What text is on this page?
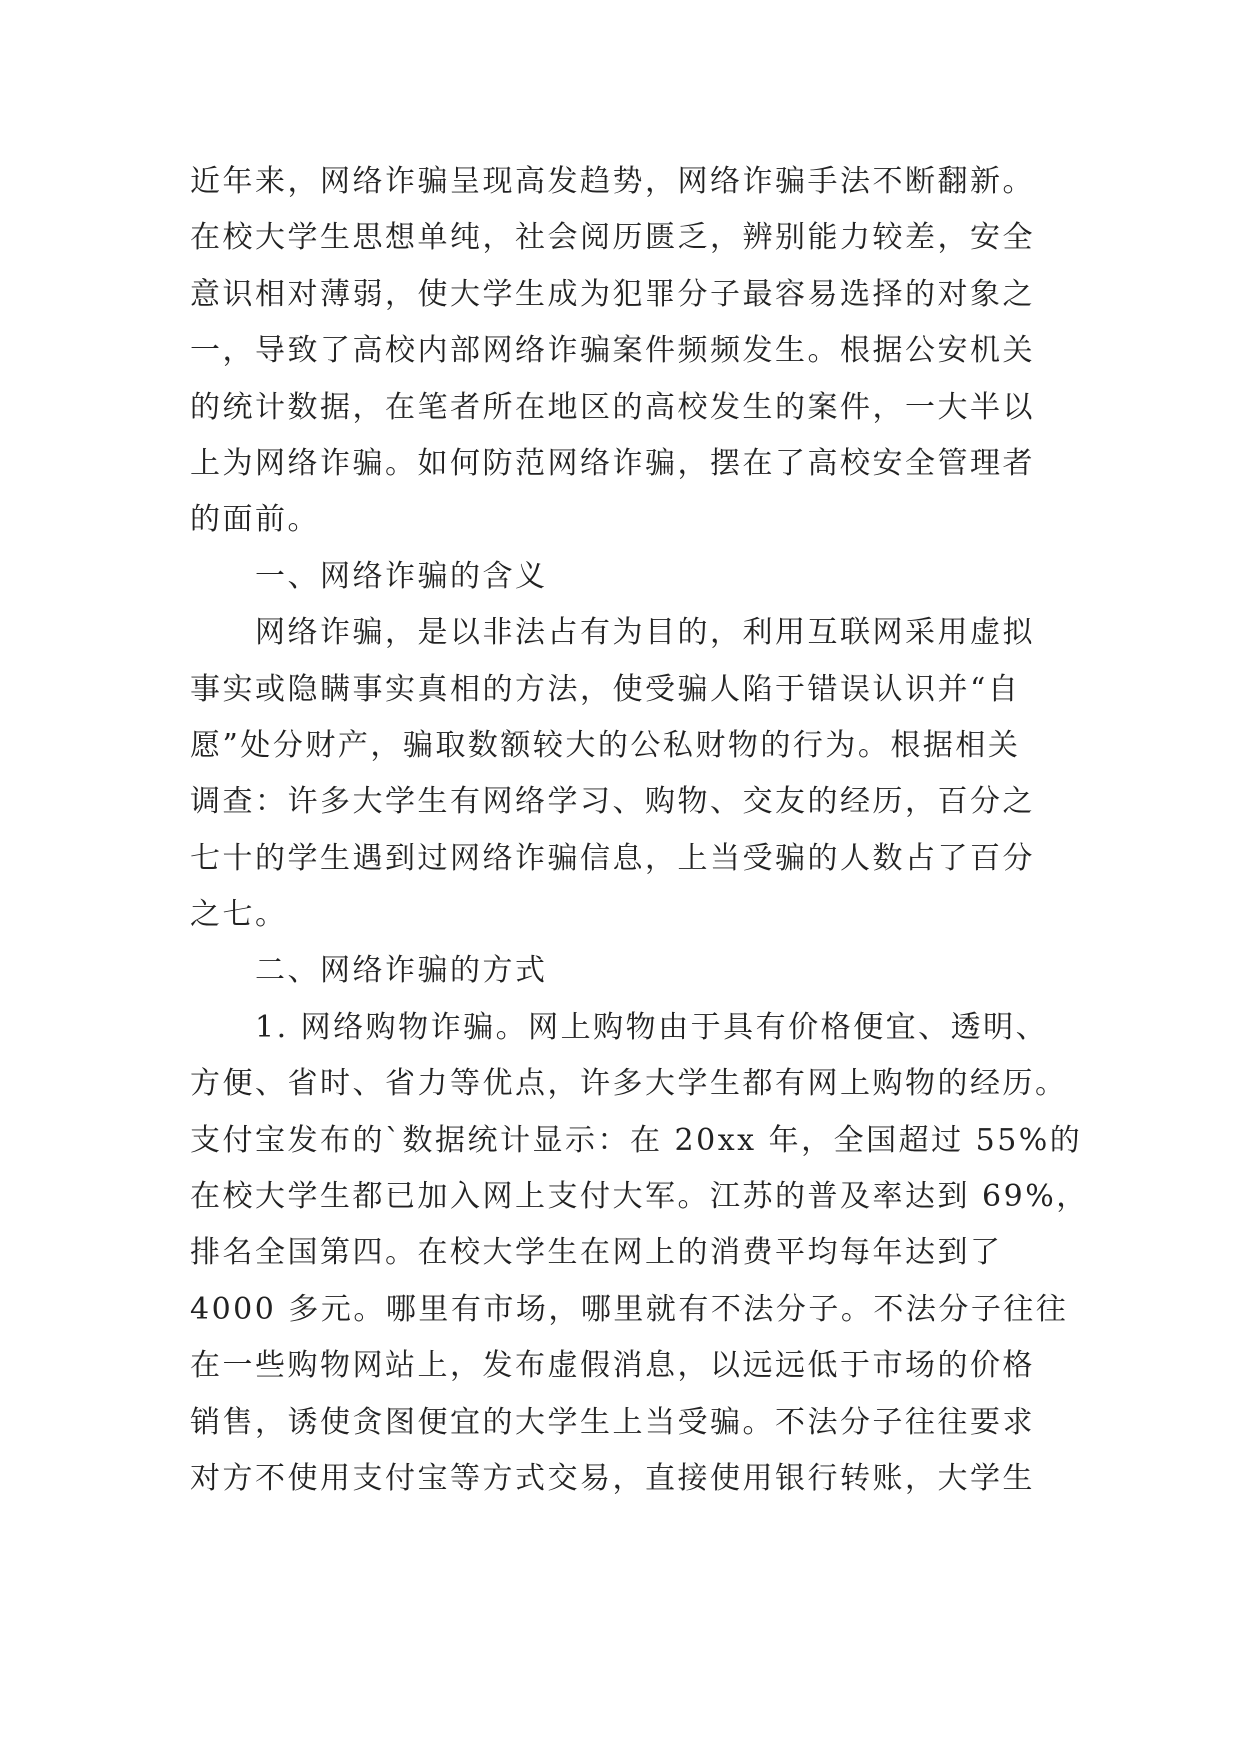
近年来，网络诈骗呈现高发趋势，网络诈骗手法不断翻新。
在校大学生思想单纯，社会阅历匮乏，辨别能力较差，安全
意识相对薄弱，使大学生成为犯罪分子最容易选择的对象之
一，导致了高校内部网络诈骗案件频频发生。根据公安机关
的统计数据，在笔者所在地区的高校发生的案件，一大半以
上为网络诈骗。如何防范网络诈骗，摆在了高校安全管理者
的面前。
一、网络诈骗的含义
网络诈骗，是以非法占有为目的，利用互联网采用虚拟
事实或隐瞒事实真相的方法，使受骗人陷于错误认识并“自
愿”处分财产，骗取数额较大的公私财物的行为。根据相关
调查：许多大学生有网络学习、购物、交友的经历，百分之
七十的学生遇到过网络诈骗信息，上当受骗的人数占了百分
之七。
二、网络诈骗的方式
1. 网络购物诈骗。网上购物由于具有价格便宜、透明、
方便、省时、省力等优点，许多大学生都有网上购物的经历。
支付宝发布的`数据统计显示：在 20xx 年，全国超过 55%的
在校大学生都已加入网上支付大军。江苏的普及率达到 69%，
排名全国第四。在校大学生在网上的消费平均每年达到了
4000 多元。哪里有市场，哪里就有不法分子。不法分子往往
在一些购物网站上，发布虚假消息，以远远低于市场的价格
销售，诱使贪图便宜的大学生上当受骗。不法分子往往要求
对方不使用支付宝等方式交易，直接使用银行转账，大学生
